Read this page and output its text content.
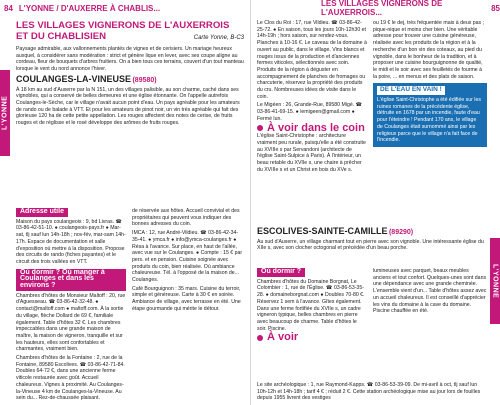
84 L'YONNE / D'AUXERRE À CHABLIS...
L'YONNE
LES VILLAGES VIGNERONS DE L'AUXERROIS
ET DU CHABLISIEN	Carte Yonne, B-C3
Paysage admirable, aux vallonnements plantés de vignes et de cerisiers. Un mariage heureux auxquel, à considérer sans modération : strict et génère lique en lever, avec ses coupe aligne au cordeau, fleur de bouquets d'arbres fruitiers. On a bien tous ces terrains, couvert d'un tout manteau lorsque le vent du nord annonce l'hiver.
COULANGES-LA-VINEUSE (89580)
À 18 km au sud d'Auxerre par la N 151, un des villages palisible, au son charme, caché dans ses vignobles, qui a conservé de belles demeures et une église étonnante. On l'appelle autrefois Coulanges-le-Sèche, car le village n'avait aucun point d'eau. Un pays agréable pour les amateurs de rando ou de balade à VTT. Et pour les amateurs de pinot noir, un vin très agréable qui fait des glorieuse 120 ha de cette petite appellation. Les rouges affectent des notes de cerise, de fruits rouges et de réglisse et le rosé développe des arômes de fruits rouges.
Adresse utile
Maison du pays coulangeois : 9, bd Livras. ☎ 03-86-42-51-10. ● coulangeois-pays.fr ● Mar-sat, tlj sauf lun 14h-18h ; nov-fév, mar-sam 14h-17h. Espace de documentation et salle d'exposition où mettre à la disposition. Propose des circuits de rando (fiches payantes) et le circuit des trois vallées en VTT.
Où dormir ? Où manger à Coulanges et dans les environs ?
Chambres d'hôtes de Monsieur Maltoff : 20, rue d'Aguesseau. ☎ 03-86-42-32-48. ● contact@maltoff.com ● maltoff.com. À la sortie du village, flèche Dollard de 69 €, familiale également. Table d'hôtes 32 €. Les chambres impeccables dans une grande maison de maître, la maison de vigneron, tranquille et sur les hauteurs, elles sont confortables et charmantes, vraiment bien.
Chambres d'hôtes de la Fontaine : 2, rue de la Fontaine, 89580 Escolives. ☎ 03-86-42-71-84. Doubles 64-72 €, dans une ancienne ferme viticole restaurée avec goût. Accueil chaleureux. Vignes à proximité. Au Coulanges-la-Vineuse 4 km de Coulanges-la-Vineuse. Au sein du... Rez-de-chaussée plaisant.
de réservée aux hôtes. Accueil convivial et des propriétaires qui peuvent vous indiquer des bonnes adresses du coin.
IMCA : 12, rue André-Vildieu. ☎ 03-86-42-34-35-41. ● ymca.fr ● info@ymca-coulanges.fr ● Résa à l'avance. Sur place, en haut de l'allée, avec vue sur le Coulanges. ● Compte : 15 € par pers. et en pension. Cuisine soignée avec produits du coin, bien réalisée. Où ambiance chaleureuse. Tél. à l'opposé de la maison de... Coulanges.
Café Bourguignon : 35 mars. Cuisine du terroir, simple et généreuse. Carte à 30 € en soirée. Ambiance de village, avec terrasse en été. Une étape gourmande qui mérite le détour.
LES VILLAGES VIGNERONS DE L'AUXERROIS...	85
L'YONNE
Le Clos du Roi : 17, rue Vildieu. ☎ 03-86-42-25-72. ● En saison, tous les jours 10h-12h30 et 14h-19h ; hors saison, sur rendez-vous. Planches à 10-16 €. Le caveau de la domaine à ouvert au public, dans le village. Vins blancs et rouges issus de la production et d'anciennes fermes viticoles, sélectionnés avec soin. Produits de la région à déguster en accompagnement de planches de fromages ou charcuterie, réservez la propriété des produits du cru. Nombreuses idées de visite dans le coin.
Le Migéen : 26, Grande-Rue, 89580 Migé. ☎ 03-86-41-69-15. ● lemigeen@gmail.com ● Fermé lun.
À voir dans le coin
L'église Saint-Christophe : architecture vraiment peu rurale, puisqu'elle a été construite au XVIIIe s par Servandoni (architecte de l'église Saint-Sulpice à Paris). À l'intérieur, un beau retable du XVIIe s, une chaire à prêcher du XVIIIe s et un Christ en bois du XVe s.
ou 19 € le dej, très fréquentée mais à deux pas ; pique-nique et moins cher bien. Une véritable adresse pour trouver une cuisine généreuse, réalisée avec les produits de la région et à la recherche d'un bon vin des coteaux, au pied du vignoble, dans le bonheur de la tradition, et à proposer une cuisine bourguignonne de qualité, le midi et le soir avec ses feuilletés de fourme à la poire, ... en menus et des plats de saison.
DE L'EAU EN VAIN !
L'église Saint-Christophe a été édifiée sur les ruines romanes de la précédente église, détruite en 1678 par un incendie, faute d'eau pour l'éteindre ! Pendant 170 ans, le village de Coulanges était surnommé ainsi par les religieux parce que le village n'a fait face de l'incendie.
ESCOLIVES-SAINTE-CAMILLE (89290)
Au sud d'Auxerre, un village charmant tout en pierre avec son vignoble. Une intéressante église du XIIe s, avec son clocher octogonal et précédée d'un beau porche.
Où dormir ?
Chambres d'hôtes du Domaine Borgnat, Le Colombier : 1, rue de l'Église. ☎ 03-86-53-35-28. ● domaineborgnat.com ● Doubles 70-80 €. Réservez 1 sem à l'avance. Gîtes également. Dans une ferme fortifiée du XVIIe s, un cadre vigneron typique, belles chambres en pierre avec beaucoup de charme. Table d'hôtes le soir. Piscine.
À voir
lumineuses avec parquet, beaux meubles anciens et tout confort. Quelques-unes sont dans une dépendance avec une grande cheminée. L'ensemble vient d'un... Table d'hôtes assez avec un accueil chaleureux. Il est conseillé d'apprécier les vins du domaine à la cave du domaine. Piscine chauffée en été.
Le site archéologique : 1, rue Raymond-Kapps. ☎ 03-86-53-39-09. De mi-avril à oct, tlj sauf lun 10h-12h et 14h-18h ; tarif 4 € ; réduit 2 €. Cette station archéologique mise au jour lors de fouilles depuis 1955 livrent des vestiges
